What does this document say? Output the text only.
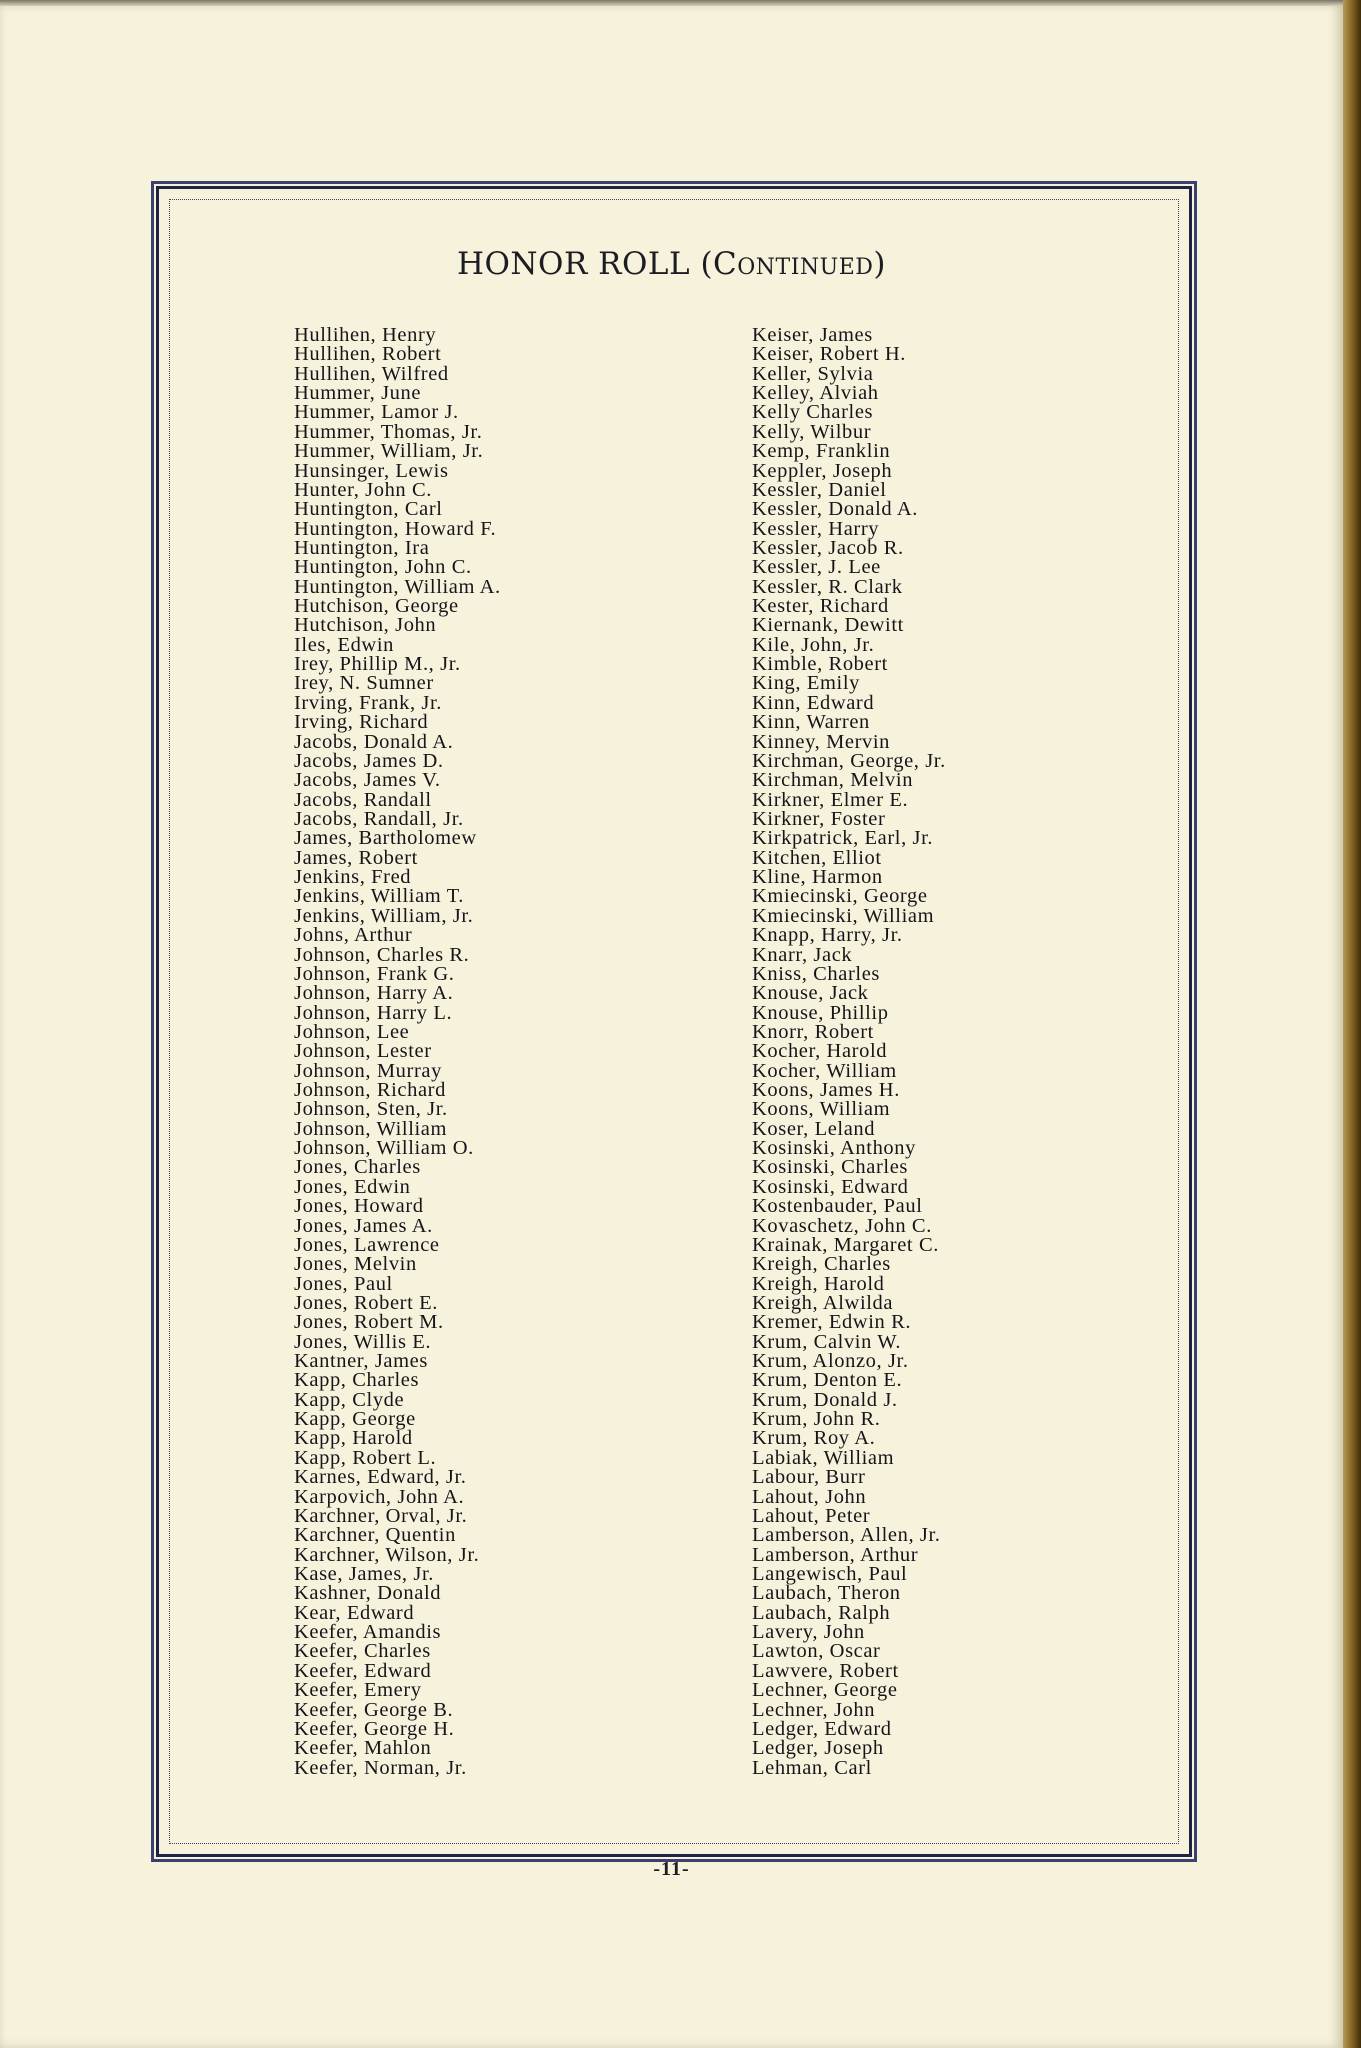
HONOR ROLL (Continued)
Hullihen, Henry
Hullihen, Robert
Hullihen, Wilfred
Hummer, June
Hummer, Lamor J.
Hummer, Thomas, Jr.
Hummer, William, Jr.
Hunsinger, Lewis
Hunter, John C.
Huntington, Carl
Huntington, Howard F.
Huntington, Ira
Huntington, John C.
Huntington, William A.
Hutchison, George
Hutchison, John
Iles, Edwin
Irey, Phillip M., Jr.
Irey, N. Sumner
Irving, Frank, Jr.
Irving, Richard
Jacobs, Donald A.
Jacobs, James D.
Jacobs, James V.
Jacobs, Randall
Jacobs, Randall, Jr.
James, Bartholomew
James, Robert
Jenkins, Fred
Jenkins, William T.
Jenkins, William, Jr.
Johns, Arthur
Johnson, Charles R.
Johnson, Frank G.
Johnson, Harry A.
Johnson, Harry L.
Johnson, Lee
Johnson, Lester
Johnson, Murray
Johnson, Richard
Johnson, Sten, Jr.
Johnson, William
Johnson, William O.
Jones, Charles
Jones, Edwin
Jones, Howard
Jones, James A.
Jones, Lawrence
Jones, Melvin
Jones, Paul
Jones, Robert E.
Jones, Robert M.
Jones, Willis E.
Kantner, James
Kapp, Charles
Kapp, Clyde
Kapp, George
Kapp, Harold
Kapp, Robert L.
Karnes, Edward, Jr.
Karpovich, John A.
Karchner, Orval, Jr.
Karchner, Quentin
Karchner, Wilson, Jr.
Kase, James, Jr.
Kashner, Donald
Kear, Edward
Keefer, Amandis
Keefer, Charles
Keefer, Edward
Keefer, Emery
Keefer, George B.
Keefer, George H.
Keefer, Mahlon
Keefer, Norman, Jr.
Keiser, James
Keiser, Robert H.
Keller, Sylvia
Kelley, Alviah
Kelly Charles
Kelly, Wilbur
Kemp, Franklin
Keppler, Joseph
Kessler, Daniel
Kessler, Donald A.
Kessler, Harry
Kessler, Jacob R.
Kessler, J. Lee
Kessler, R. Clark
Kester, Richard
Kiernank, Dewitt
Kile, John, Jr.
Kimble, Robert
King, Emily
Kinn, Edward
Kinn, Warren
Kinney, Mervin
Kirchman, George, Jr.
Kirchman, Melvin
Kirkner, Elmer E.
Kirkner, Foster
Kirkpatrick, Earl, Jr.
Kitchen, Elliot
Kline, Harmon
Kmiecinski, George
Kmiecinski, William
Knapp, Harry, Jr.
Knarr, Jack
Kniss, Charles
Knouse, Jack
Knouse, Phillip
Knorr, Robert
Kocher, Harold
Kocher, William
Koons, James H.
Koons, William
Koser, Leland
Kosinski, Anthony
Kosinski, Charles
Kosinski, Edward
Kostenbauder, Paul
Kovaschetz, John C.
Krainak, Margaret C.
Kreigh, Charles
Kreigh, Harold
Kreigh, Alwilda
Kremer, Edwin R.
Krum, Calvin W.
Krum, Alonzo, Jr.
Krum, Denton E.
Krum, Donald J.
Krum, John R.
Krum, Roy A.
Labiak, William
Labour, Burr
Lahout, John
Lahout, Peter
Lamberson, Allen, Jr.
Lamberson, Arthur
Langewisch, Paul
Laubach, Theron
Laubach, Ralph
Lavery, John
Lawton, Oscar
Lawvere, Robert
Lechner, George
Lechner, John
Ledger, Edward
Ledger, Joseph
Lehman, Carl
-11-
